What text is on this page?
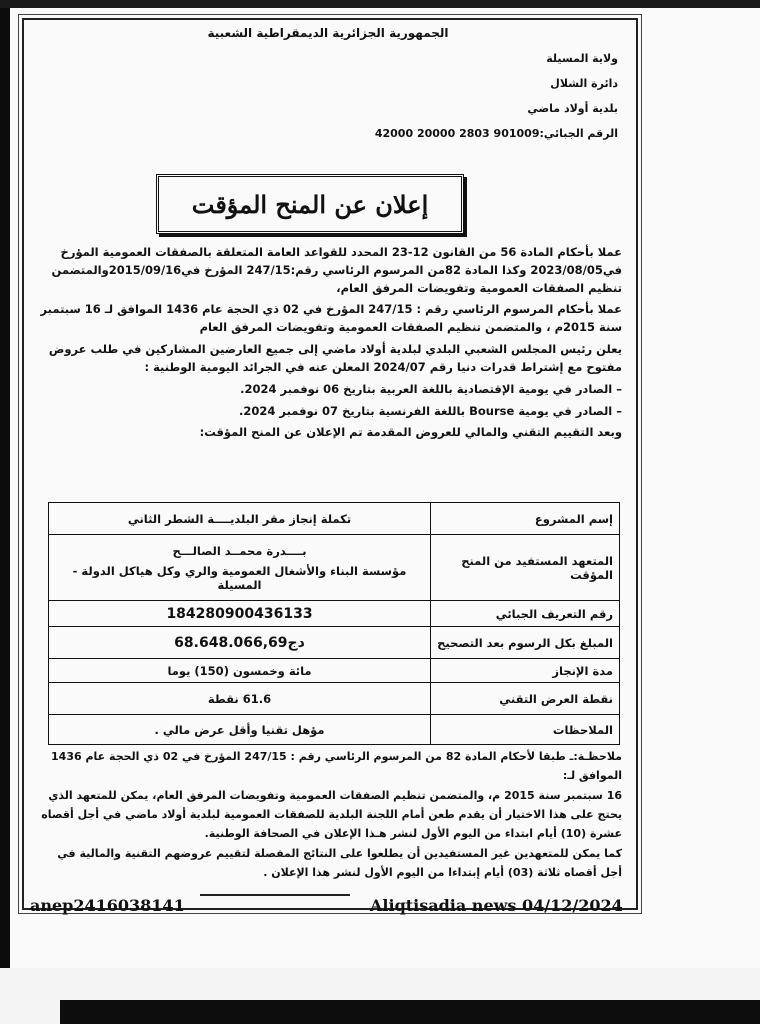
الجمهورية الجزائرية الديمقراطية الشعبية
ولاية المسيلة
دائرة الشلال
بلدية أولاد ماضي
الرقم الجبائي:901009 2803 20000 42000
إعلان عن المنح المؤقت

عملا بأحكام المادة 56 من القانون 12-23 المحدد للقواعد العامة المتعلقة بالصفقات العمومية المؤرخ في2023/08/05 وكذا المادة 82من المرسوم الرئاسي رقم:247/15 المؤرخ في2015/09/16والمتضمن تنظيم الصفقات العمومية وتفويضات المرفق العام،

عملا بأحكام المرسوم الرئاسي رقم : 247/15 المؤرخ في 02 ذي الحجة عام 1436 الموافق لـ 16 سبتمبر سنة 2015م ، والمتضمن تنظيم الصفقات العمومية وتفويضات المرفق العام

يعلن رئيس المجلس الشعبي البلدي لبلدية أولاد ماضي إلى جميع العارضين المشاركين في طلب عروض مفتوح مع إشتراط قدرات دنيا رقم 2024/07 المعلن عنه في الجرائد اليومية الوطنية :

– الصادر في يومية الإقتصادية باللغة العربية بتاريخ 06 نوفمبر 2024.

– الصادر في يومية Bourse باللغة الفرنسية بتاريخ 07 نوفمبر 2024.

وبعد التقييم التقني والمالي للعروض المقدمة تم الإعلان عن المنح المؤقت:

إسم المشروع	تكملة إنجاز مقر البلديــــة الشطر الثاني
المتعهد المستفيد من المنح المؤقت	بــــدرة محمــد الصالـــح
مؤسسة البناء والأشغال العمومية والري وكل هياكل الدولة - المسيلة

رقم التعريف الجبائي	184280900436133
المبلغ بكل الرسوم بعد التصحيح	68.648.066,69دج
مدة الإنجاز	مائة وخمسون (150) يوما
نقطة العرض التقني	61.6 نقطة
الملاحظات	مؤهل تقنيا وأقل عرض مالي .

ملاحظـة:ـ طبقا لأحكام المادة 82 من المرسوم الرئاسي رقم : 247/15 المؤرخ في 02 ذي الحجة عام 1436 الموافق لـ:

16 سبتمبر سنة 2015 م، والمتضمن تنظيم الصفقات العمومية وتفويضات المرفق العام، يمكن للمتعهد الذي يحتج على هذا الاختيار أن يقدم طعن أمام اللجنة البلدية للصفقات العمومية لبلدية أولاد ماضي في أجل أقصاه عشرة (10) أيام ابتداء من اليوم الأول لنشر هـذا الإعلان في الصحافة الوطنية.

كما يمكن للمتعهدين غير المستفيدين أن يطلعوا على النتائج المفصلة لتقييم عروضهم التقنية والمالية في أجل أقصاه ثلاثة (03) أيام إبتداءا من اليوم الأول لنشر هذا الإعلان .

Aliqtisadia news 04/12/2024
anep2416038141
